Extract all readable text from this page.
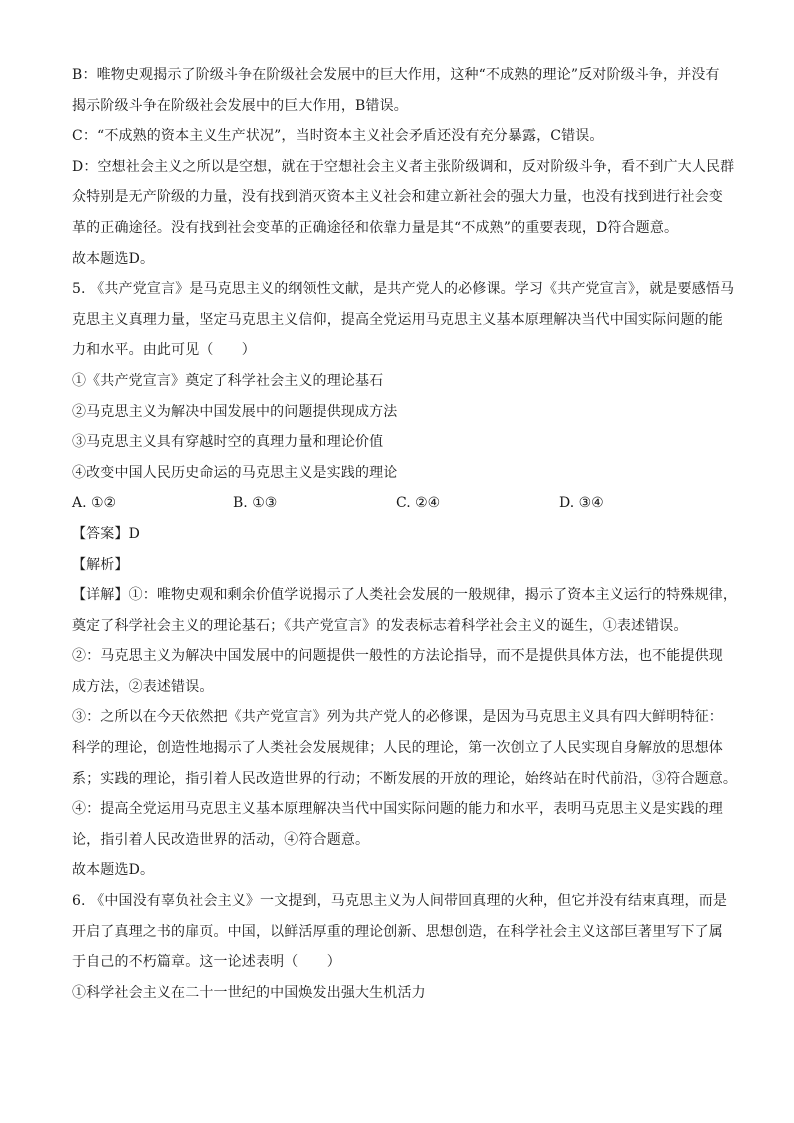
B：唯物史观揭示了阶级斗争在阶级社会发展中的巨大作用，这种“不成熟的理论”反对阶级斗争，并没有
揭示阶级斗争在阶级社会发展中的巨大作用，B错误。
C：“不成熟的资本主义生产状况”，当时资本主义社会矛盾还没有充分暴露，C错误。
D：空想社会主义之所以是空想，就在于空想社会主义者主张阶级调和，反对阶级斗争，看不到广大人民群
众特别是无产阶级的力量，没有找到消灭资本主义社会和建立新社会的强大力量，也没有找到进行社会变
革的正确途径。没有找到社会变革的正确途径和依靠力量是其“不成熟”的重要表现，D符合题意。
故本题选D。
5. 《共产党宣言》是马克思主义的纲领性文献，是共产党人的必修课。学习《共产党宣言》，就是要感悟马
克思主义真理力量，坚定马克思主义信仰，提高全党运用马克思主义基本原理解决当代中国实际问题的能
力和水平。由此可见（　　）
①《共产党宣言》奠定了科学社会主义的理论基石
②马克思主义为解决中国发展中的问题提供现成方法
③马克思主义具有穿越时空的真理力量和理论价值
④改变中国人民历史命运的马克思主义是实践的理论
A. ①②	B. ①③	C. ②④	D. ③④
【答案】D
【解析】
【详解】①：唯物史观和剩余价值学说揭示了人类社会发展的一般规律，揭示了资本主义运行的特殊规律，
奠定了科学社会主义的理论基石；《共产党宣言》的发表标志着科学社会主义的诞生，①表述错误。
②：马克思主义为解决中国发展中的问题提供一般性的方法论指导，而不是提供具体方法，也不能提供现
成方法，②表述错误。
③：之所以在今天依然把《共产党宣言》列为共产党人的必修课，是因为马克思主义具有四大鲜明特征：
科学的理论，创造性地揭示了人类社会发展规律；人民的理论，第一次创立了人民实现自身解放的思想体
系；实践的理论，指引着人民改造世界的行动；不断发展的开放的理论，始终站在时代前沿，③符合题意。
④：提高全党运用马克思主义基本原理解决当代中国实际问题的能力和水平，表明马克思主义是实践的理
论，指引着人民改造世界的活动，④符合题意。
故本题选D。
6. 《中国没有辜负社会主义》一文提到，马克思主义为人间带回真理的火种，但它并没有结束真理，而是
开启了真理之书的扉页。中国，以鲜活厚重的理论创新、思想创造，在科学社会主义这部巨著里写下了属
于自己的不朽篇章。这一论述表明（　　）
①科学社会主义在二十一世纪的中国焕发出强大生机活力
